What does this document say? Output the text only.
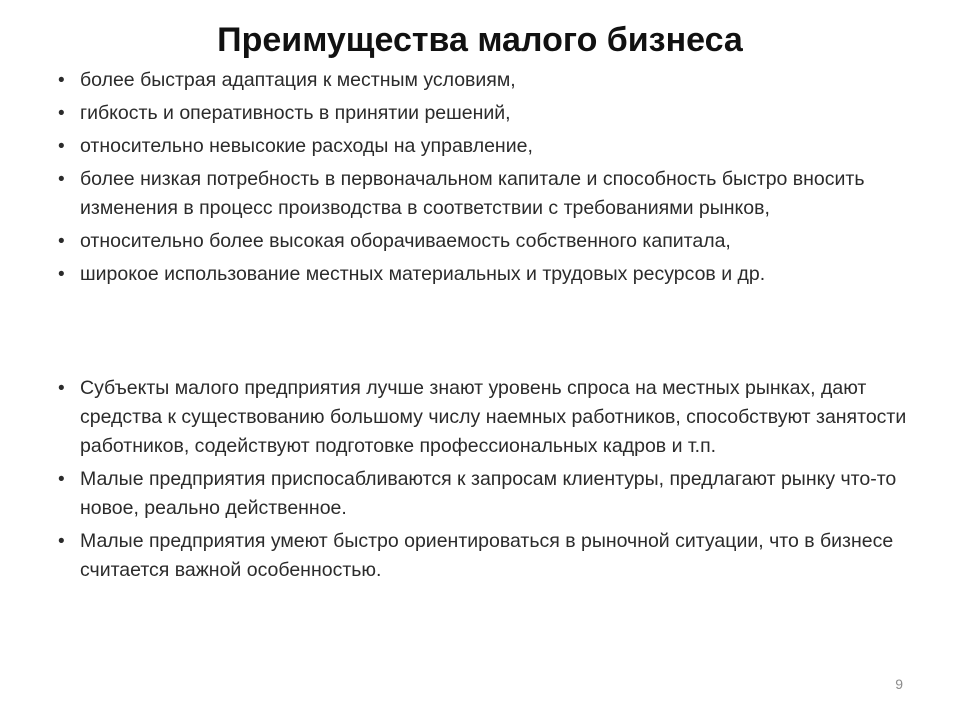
Преимущества малого бизнеса
• более быстрая адаптация к местным условиям,
• гибкость и оперативность в принятии решений,
• относительно невысокие расходы на управление,
• более низкая потребность в первоначальном капитале и способность быстро вносить изменения в процесс производства в соответствии с требованиями рынков,
• относительно более высокая оборачиваемость собственного капитала,
• широкое использование местных материальных и трудовых ресурсов и др.
• Субъекты малого предприятия лучше знают уровень спроса на местных рынках, дают средства к существованию большому числу наемных работников, способствуют занятости работников, содействуют подготовке профессиональных кадров и т.п.
• Малые предприятия приспосабливаются к запросам клиентуры, предлагают рынку что-то новое, реально действенное.
• Малые предприятия умеют быстро ориентироваться в рыночной ситуации, что в бизнесе считается важной особенностью.
9
